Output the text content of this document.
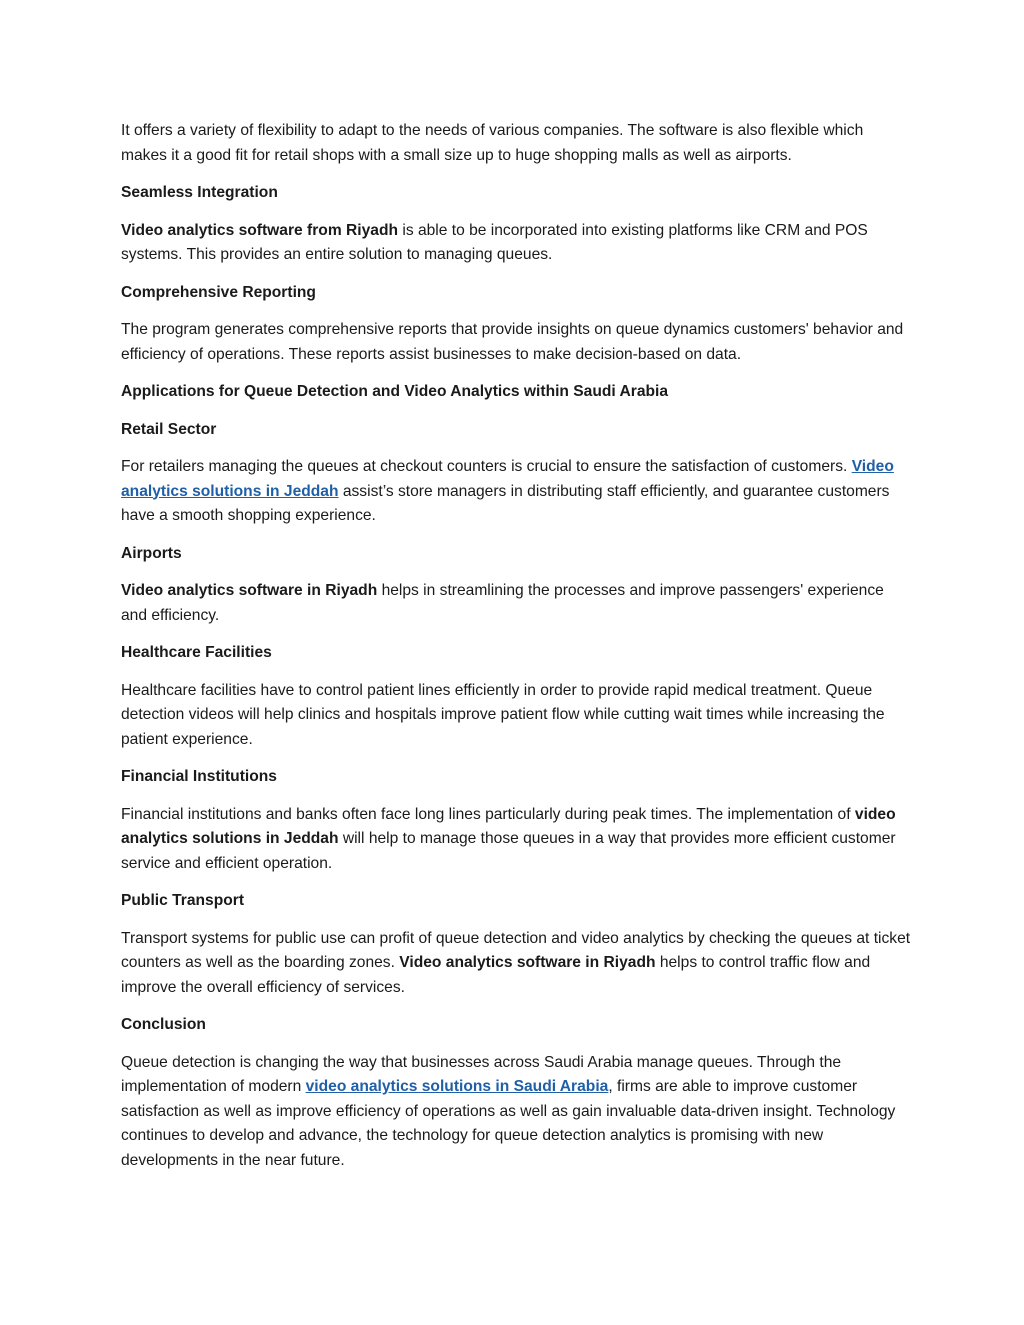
It offers a variety of flexibility to adapt to the needs of various companies. The software is also flexible which makes it a good fit for retail shops with a small size up to huge shopping malls as well as airports.

Seamless Integration

Video analytics software from Riyadh is able to be incorporated into existing platforms like CRM and POS systems. This provides an entire solution to managing queues.

Comprehensive Reporting

The program generates comprehensive reports that provide insights on queue dynamics customers' behavior and efficiency of operations. These reports assist businesses to make decision-based on data.

Applications for Queue Detection and Video Analytics within Saudi Arabia
Retail Sector

For retailers managing the queues at checkout counters is crucial to ensure the satisfaction of customers. Video analytics solutions in Jeddah assist’s store managers in distributing staff efficiently, and guarantee customers have a smooth shopping experience.

Airports

Video analytics software in Riyadh helps in streamlining the processes and improve passengers' experience and efficiency.

Healthcare Facilities

Healthcare facilities have to control patient lines efficiently in order to provide rapid medical treatment. Queue detection videos will help clinics and hospitals improve patient flow while cutting wait times while increasing the patient experience.

Financial Institutions

Financial institutions and banks often face long lines particularly during peak times. The implementation of video analytics solutions in Jeddah will help to manage those queues in a way that provides more efficient customer service and efficient operation.

Public Transport

Transport systems for public use can profit of queue detection and video analytics by checking the queues at ticket counters as well as the boarding zones. Video analytics software in Riyadh helps to control traffic flow and improve the overall efficiency of services.

Conclusion

Queue detection is changing the way that businesses across Saudi Arabia manage queues. Through the implementation of modern video analytics solutions in Saudi Arabia, firms are able to improve customer satisfaction as well as improve efficiency of operations as well as gain invaluable data-driven insight. Technology continues to develop and advance, the technology for queue detection analytics is promising with new developments in the near future.
